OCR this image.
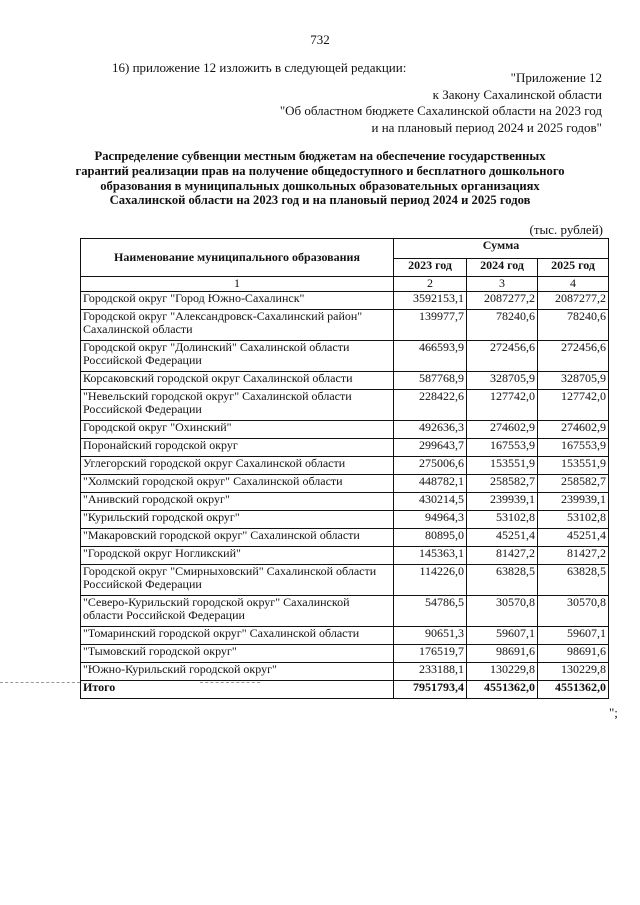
732
16) приложение 12 изложить в следующей редакции:
"Приложение 12
к Закону Сахалинской области
"Об областном бюджете Сахалинской области на 2023 год
и на плановый период 2024 и 2025 годов"
Распределение субвенции местным бюджетам на обеспечение государственных
гарантий реализации прав на получение общедоступного и бесплатного дошкольного
образования в муниципальных дошкольных образовательных организациях
Сахалинской области на 2023 год и на плановый период 2024 и 2025 годов
(тыс. рублей)
Наименование муниципального образования	Сумма		
	2023 год	2024 год	2025 год
1	2	3	4
Городской округ "Город Южно-Сахалинск"	3592153,1	2087277,2	2087277,2
Городской округ "Александровск-Сахалинский район" Сахалинской области	139977,7	78240,6	78240,6
Городской округ "Долинский" Сахалинской области Российской Федерации	466593,9	272456,6	272456,6
Корсаковский городской округ Сахалинской области	587768,9	328705,9	328705,9
"Невельский городской округ" Сахалинской области Российской Федерации	228422,6	127742,0	127742,0
Городской округ "Охинский"	492636,3	274602,9	274602,9
Поронайский городской округ	299643,7	167553,9	167553,9
Углегорский городской округ Сахалинской области	275006,6	153551,9	153551,9
"Холмский городской округ" Сахалинской области	448782,1	258582,7	258582,7
"Анивский городской округ"	430214,5	239939,1	239939,1
"Курильский городской округ"	94964,3	53102,8	53102,8
"Макаровский городской округ" Сахалинской области	80895,0	45251,4	45251,4
"Городской округ Ногликский"	145363,1	81427,2	81427,2
Городской округ "Смирныховский" Сахалинской области Российской Федерации	114226,0	63828,5	63828,5
"Северо-Курильский городской округ" Сахалинской области Российской Федерации	54786,5	30570,8	30570,8
"Томаринский городской округ" Сахалинской области	90651,3	59607,1	59607,1
"Тымовский городской округ"	176519,7	98691,6	98691,6
"Южно-Курильский городской округ"	233188,1	130229,8	130229,8
Итого	7951793,4	4551362,0	4551362,0
";
